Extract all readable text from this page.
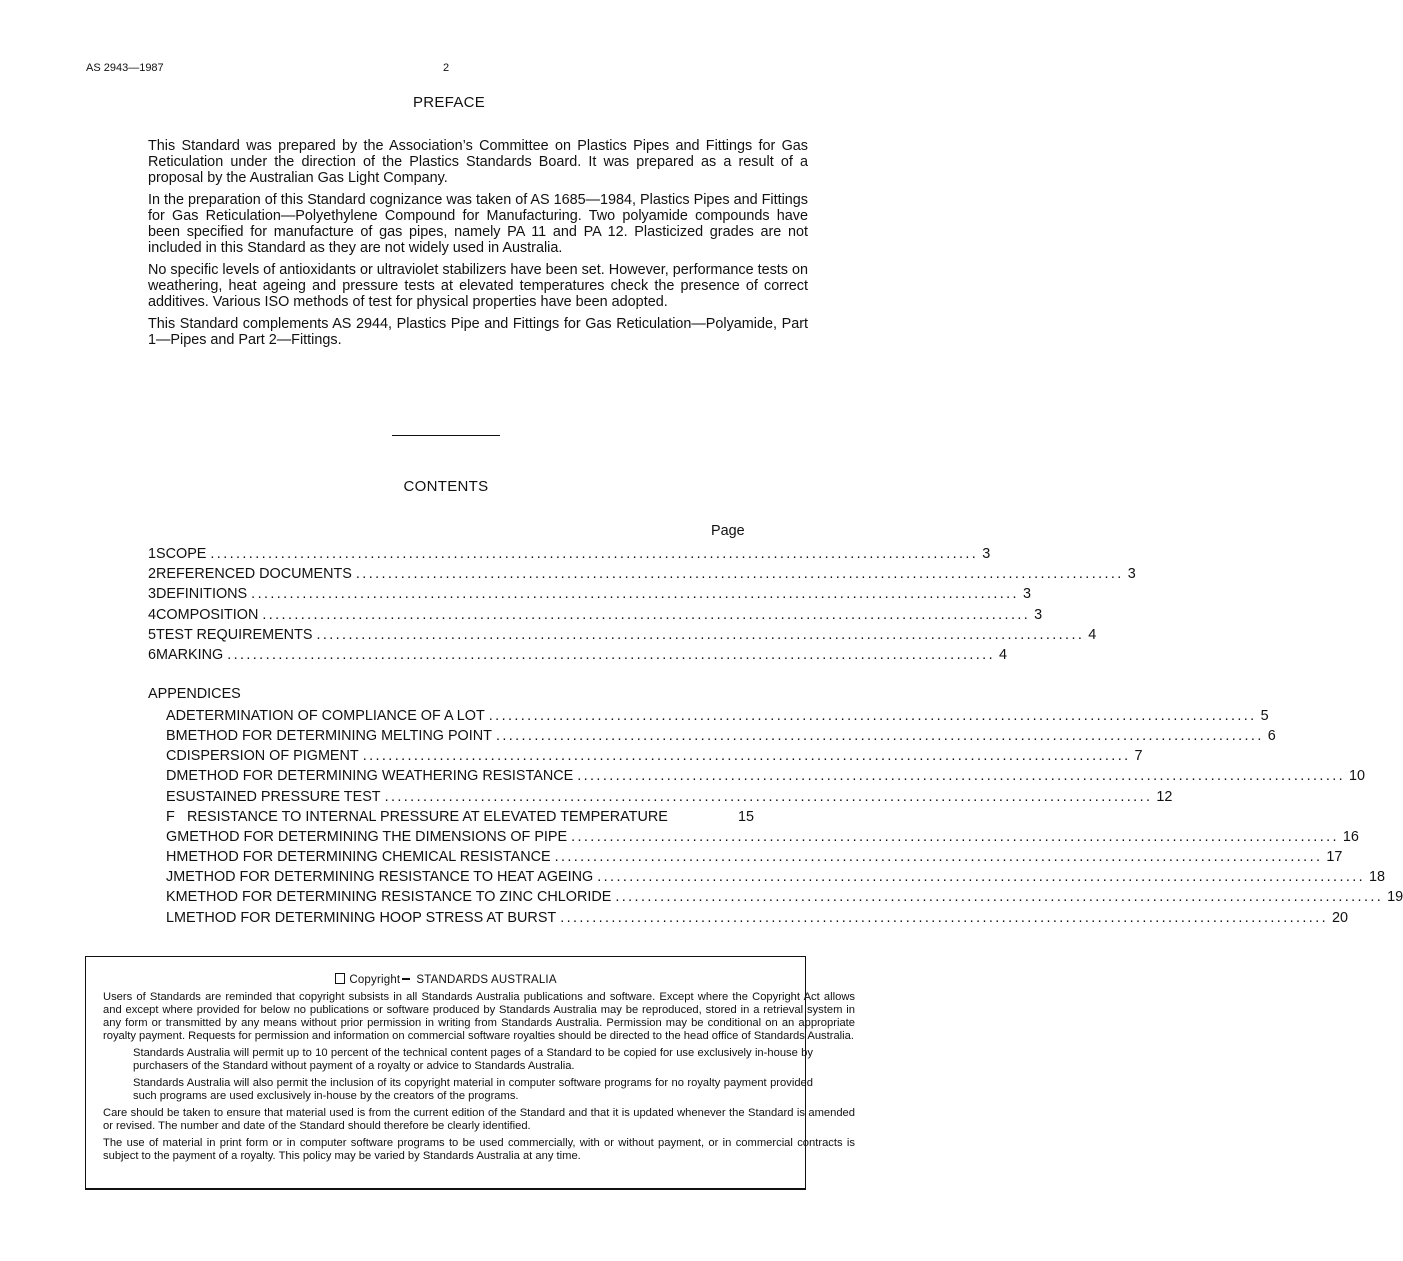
AS 2943—1987	2
PREFACE

This Standard was prepared by the Association’s Committee on Plastics Pipes and Fittings for Gas Reticulation under the direction of the Plastics Standards Board. It was prepared as a result of a proposal by the Australian Gas Light Company.

In the preparation of this Standard cognizance was taken of AS 1685—1984, Plastics Pipes and Fittings for Gas Reticulation—Polyethylene Compound for Manufacturing. Two polyamide compounds have been specified for manufacture of gas pipes, namely PA 11 and PA 12. Plasticized grades are not included in this Standard as they are not widely used in Australia.

No specific levels of antioxidants or ultraviolet stabilizers have been set. However, performance tests on weathering, heat ageing and pressure tests at elevated temperatures check the presence of correct additives. Various ISO methods of test for physical properties have been adopted.

This Standard complements AS 2944, Plastics Pipe and Fittings for Gas Reticulation—Polyamide, Part 1—Pipes and Part 2—Fittings.

CONTENTS
Page
1 SCOPE ........................................................................................................................ 3
2 REFERENCED DOCUMENTS ........................................................................................................................ 3
3 DEFINITIONS ........................................................................................................................ 3
4 COMPOSITION ........................................................................................................................ 3
5 TEST REQUIREMENTS ........................................................................................................................ 4
6 MARKING ........................................................................................................................ 4
APPENDICES
A DETERMINATION OF COMPLIANCE OF A LOT ........................................................................................................................ 5
B METHOD FOR DETERMINING MELTING POINT ........................................................................................................................ 6
C DISPERSION OF PIGMENT ........................................................................................................................ 7
D METHOD FOR DETERMINING WEATHERING RESISTANCE ........................................................................................................................ 10
E SUSTAINED PRESSURE TEST ........................................................................................................................ 12
F RESISTANCE TO INTERNAL PRESSURE AT ELEVATED TEMPERATURE	15
G METHOD FOR DETERMINING THE DIMENSIONS OF PIPE ........................................................................................................................ 16
H METHOD FOR DETERMINING CHEMICAL RESISTANCE ........................................................................................................................ 17
J METHOD FOR DETERMINING RESISTANCE TO HEAT AGEING ........................................................................................................................ 18
K METHOD FOR DETERMINING RESISTANCE TO ZINC CHLORIDE ........................................................................................................................ 19
L METHOD FOR DETERMINING HOOP STRESS AT BURST ........................................................................................................................ 20
Copyright STANDARDS AUSTRALIA

Users of Standards are reminded that copyright subsists in all Standards Australia publications and software. Except where the Copyright Act allows and except where provided for below no publications or software produced by Standards Australia may be reproduced, stored in a retrieval system in any form or transmitted by any means without prior permission in writing from Standards Australia. Permission may be conditional on an appropriate royalty payment. Requests for permission and information on commercial software royalties should be directed to the head office of Standards Australia.

Standards Australia will permit up to 10 percent of the technical content pages of a Standard to be copied for use exclusively in-house by purchasers of the Standard without payment of a royalty or advice to Standards Australia.

Standards Australia will also permit the inclusion of its copyright material in computer software programs for no royalty payment provided such programs are used exclusively in-house by the creators of the programs.

Care should be taken to ensure that material used is from the current edition of the Standard and that it is updated whenever the Standard is amended or revised. The number and date of the Standard should therefore be clearly identified.

The use of material in print form or in computer software programs to be used commercially, with or without payment, or in commercial contracts is subject to the payment of a royalty. This policy may be varied by Standards Australia at any time.
